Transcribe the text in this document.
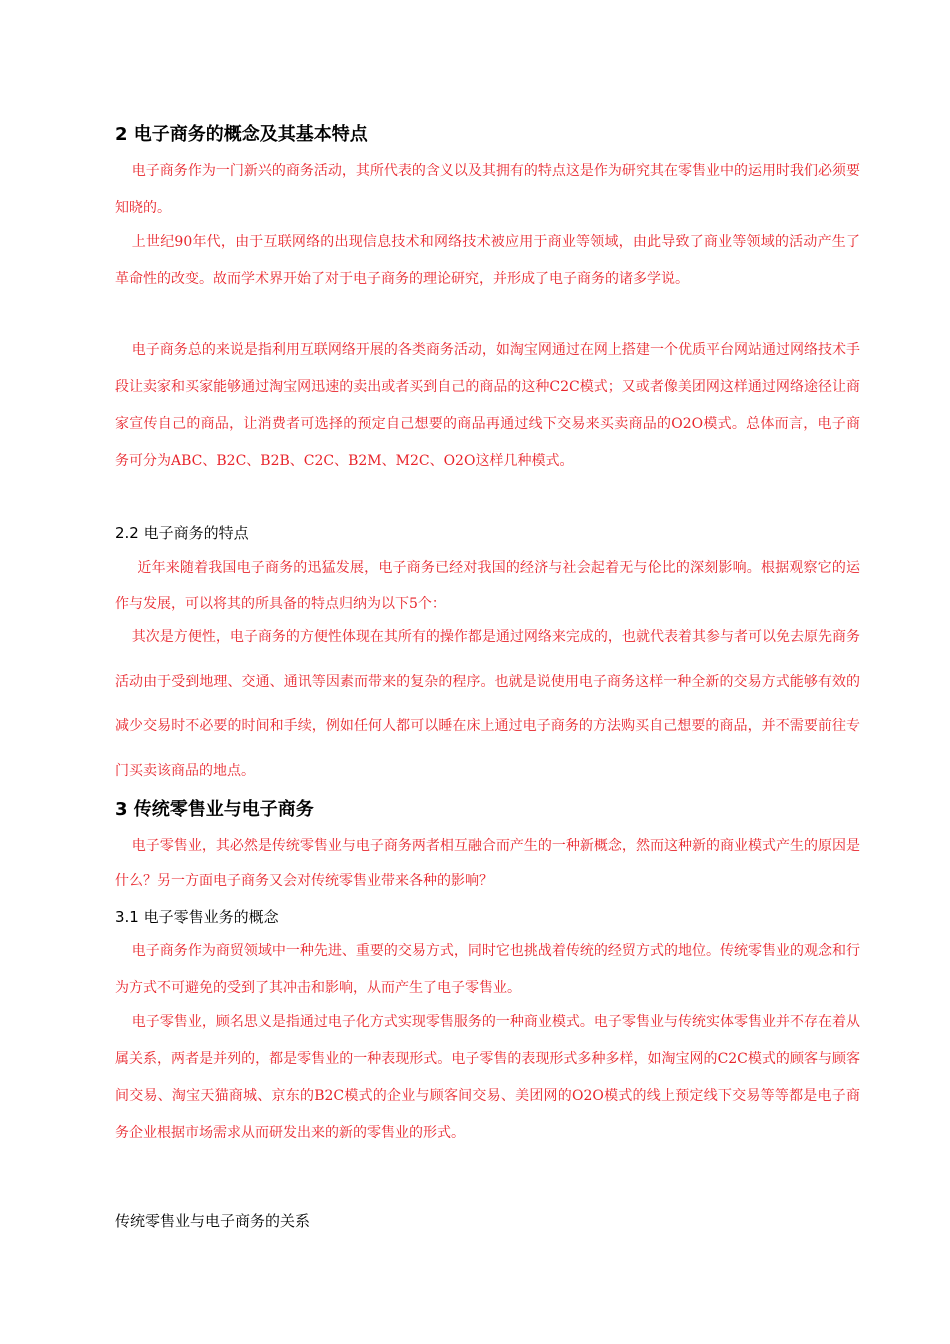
2 电子商务的概念及其基本特点

电子商务作为一门新兴的商务活动，其所代表的含义以及其拥有的特点这是作为研究其在零售业中的运用时我们必须要知晓的。

上世纪90年代，由于互联网络的出现信息技术和网络技术被应用于商业等领域，由此导致了商业等领域的活动产生了革命性的改变。故而学术界开始了对于电子商务的理论研究，并形成了电子商务的诸多学说。

电子商务总的来说是指利用互联网络开展的各类商务活动，如淘宝网通过在网上搭建一个优质平台网站通过网络技术手段让卖家和买家能够通过淘宝网迅速的卖出或者买到自己的商品的这种C2C模式；又或者像美团网这样通过网络途径让商家宣传自己的商品，让消费者可选择的预定自己想要的商品再通过线下交易来买卖商品的O2O模式。总体而言，电子商务可分为ABC、B2C、B2B、C2C、B2M、M2C、O2O这样几种模式。

2.2 电子商务的特点

近年来随着我国电子商务的迅猛发展，电子商务已经对我国的经济与社会起着无与伦比的深刻影响。根据观察它的运作与发展，可以将其的所具备的特点归纳为以下5个：

其次是方便性，电子商务的方便性体现在其所有的操作都是通过网络来完成的，也就代表着其参与者可以免去原先商务活动由于受到地理、交通、通讯等因素而带来的复杂的程序。也就是说使用电子商务这样一种全新的交易方式能够有效的减少交易时不必要的时间和手续，例如任何人都可以睡在床上通过电子商务的方法购买自己想要的商品，并不需要前往专门买卖该商品的地点。

3 传统零售业与电子商务

电子零售业，其必然是传统零售业与电子商务两者相互融合而产生的一种新概念，然而这种新的商业模式产生的原因是什么？另一方面电子商务又会对传统零售业带来各种的影响？

3.1 电子零售业务的概念

电子商务作为商贸领域中一种先进、重要的交易方式，同时它也挑战着传统的经贸方式的地位。传统零售业的观念和行为方式不可避免的受到了其冲击和影响，从而产生了电子零售业。

电子零售业，顾名思义是指通过电子化方式实现零售服务的一种商业模式。电子零售业与传统实体零售业并不存在着从属关系，两者是并列的，都是零售业的一种表现形式。电子零售的表现形式多种多样，如淘宝网的C2C模式的顾客与顾客间交易、淘宝天猫商城、京东的B2C模式的企业与顾客间交易、美团网的O2O模式的线上预定线下交易等等都是电子商务企业根据市场需求从而研发出来的新的零售业的形式。

传统零售业与电子商务的关系
